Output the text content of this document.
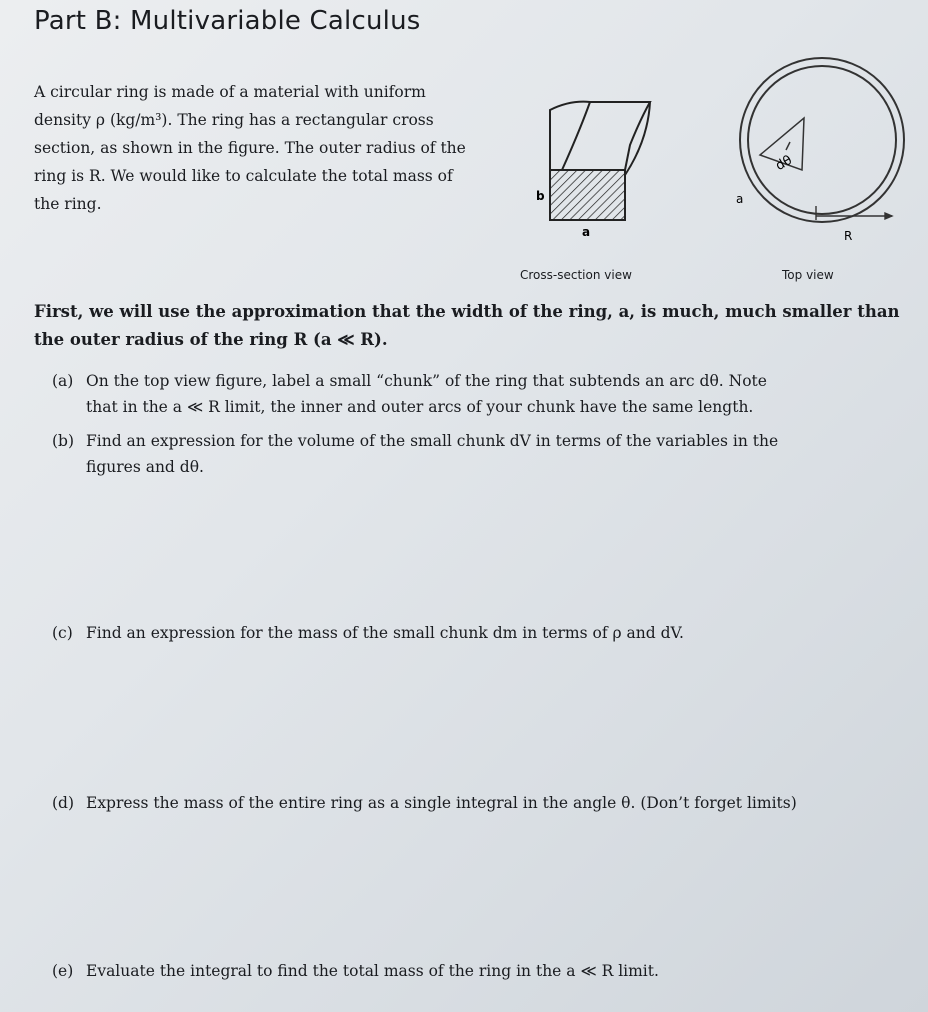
Part B: Multivariable Calculus
A circular ring is made of a material with uniform density ρ (kg/m³). The ring has a rectangular cross section, as shown in the figure. The outer radius of the ring is R. We would like to calculate the total mass of the ring.	b
a
dθ
a
R
Cross-section view	Top view
First, we will use the approximation that the width of the ring, a, is much, much smaller than the outer radius of the ring R (a ≪ R).
(a) On the top view figure, label a small “chunk” of the ring that subtends an arc dθ. Note
that in the a ≪ R limit, the inner and outer arcs of your chunk have the same length.
(b) Find an expression for the volume of the small chunk dV in terms of the variables in the
figures and dθ.
(c) Find an expression for the mass of the small chunk dm in terms of ρ and dV.
(d) Express the mass of the entire ring as a single integral in the angle θ. (Don’t forget limits)
(e) Evaluate the integral to find the total mass of the ring in the a ≪ R limit.
